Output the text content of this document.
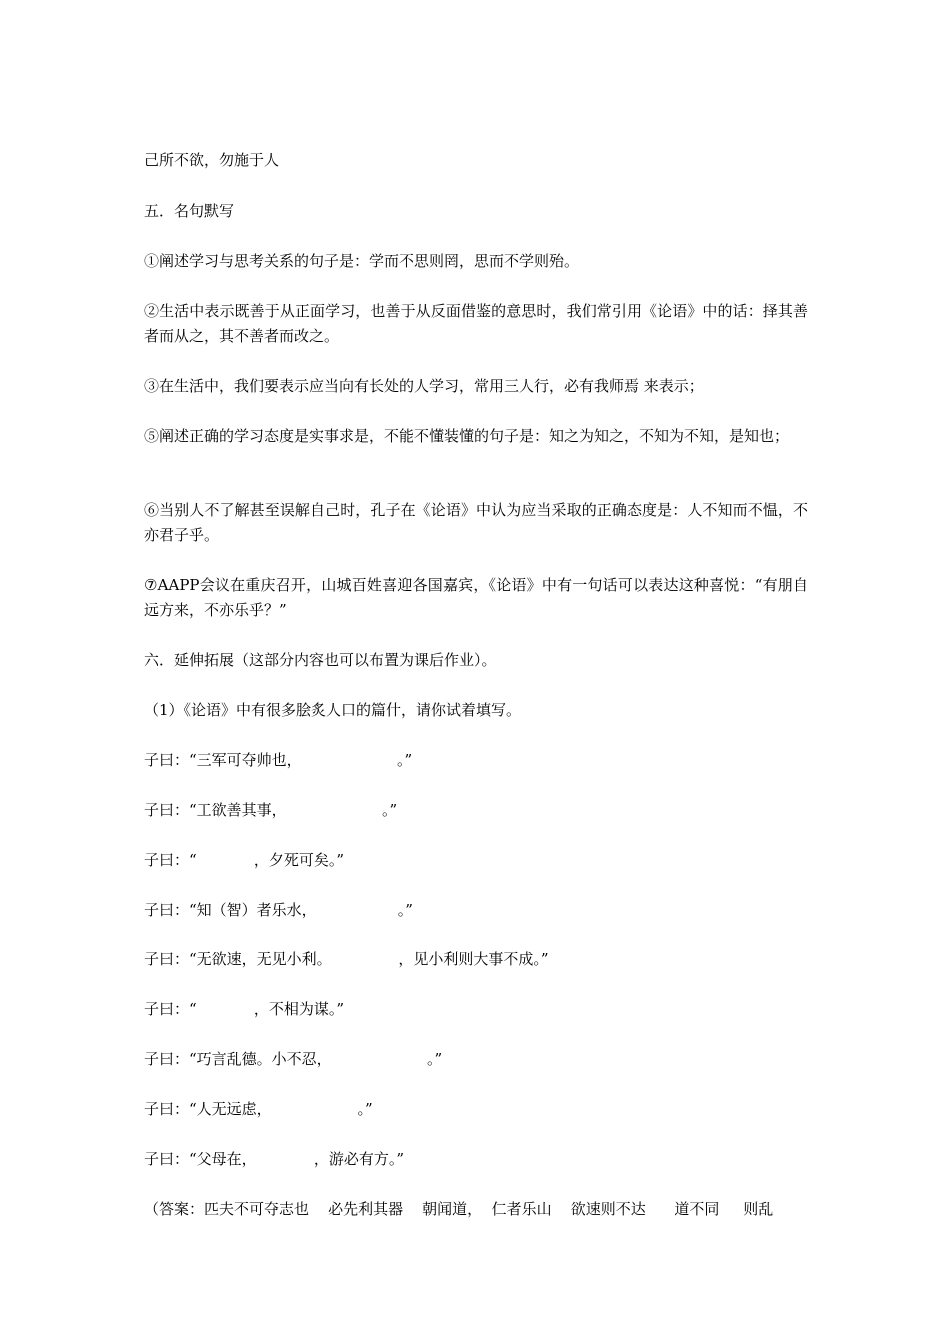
己所不欲，勿施于人
五．名句默写
①阐述学习与思考关系的句子是：学而不思则罔，思而不学则殆。
②生活中表示既善于从正面学习，也善于从反面借鉴的意思时，我们常引用《论语》中的话：择其善者而从之，其不善者而改之。
③在生活中，我们要表示应当向有长处的人学习，常用三人行，必有我师焉 来表示；
⑤阐述正确的学习态度是实事求是，不能不懂装懂的句子是：知之为知之，不知为不知，是知也；
⑥当别人不了解甚至误解自己时，孔子在《论语》中认为应当采取的正确态度是：人不知而不愠，不亦君子乎。
⑦AAPP会议在重庆召开，山城百姓喜迎各国嘉宾，《论语》中有一句话可以表达这种喜悦：“有朋自远方来，不亦乐乎？”
六．延伸拓展（这部分内容也可以布置为课后作业）。
（1）《论语》中有很多脍炙人口的篇什，请你试着填写。
子曰：“三军可夺帅也，                    。”
子曰：“工欲善其事，                    。”
子曰：“            ，夕死可矣。”
子曰：“知（智）者乐水，                 。”
子曰：“无欲速，无见小利。              ，见小利则大事不成。”
子曰：“            ，不相为谋。”
子曰：“巧言乱德。小不忍，                    。”
子曰：“人无远虑，                  。”
子曰：“父母在，            ，游必有方。”
（答案：匹夫不可夺志也    必先利其器    朝闻道，  仁者乐山    欲速则不达      道不同     则乱
